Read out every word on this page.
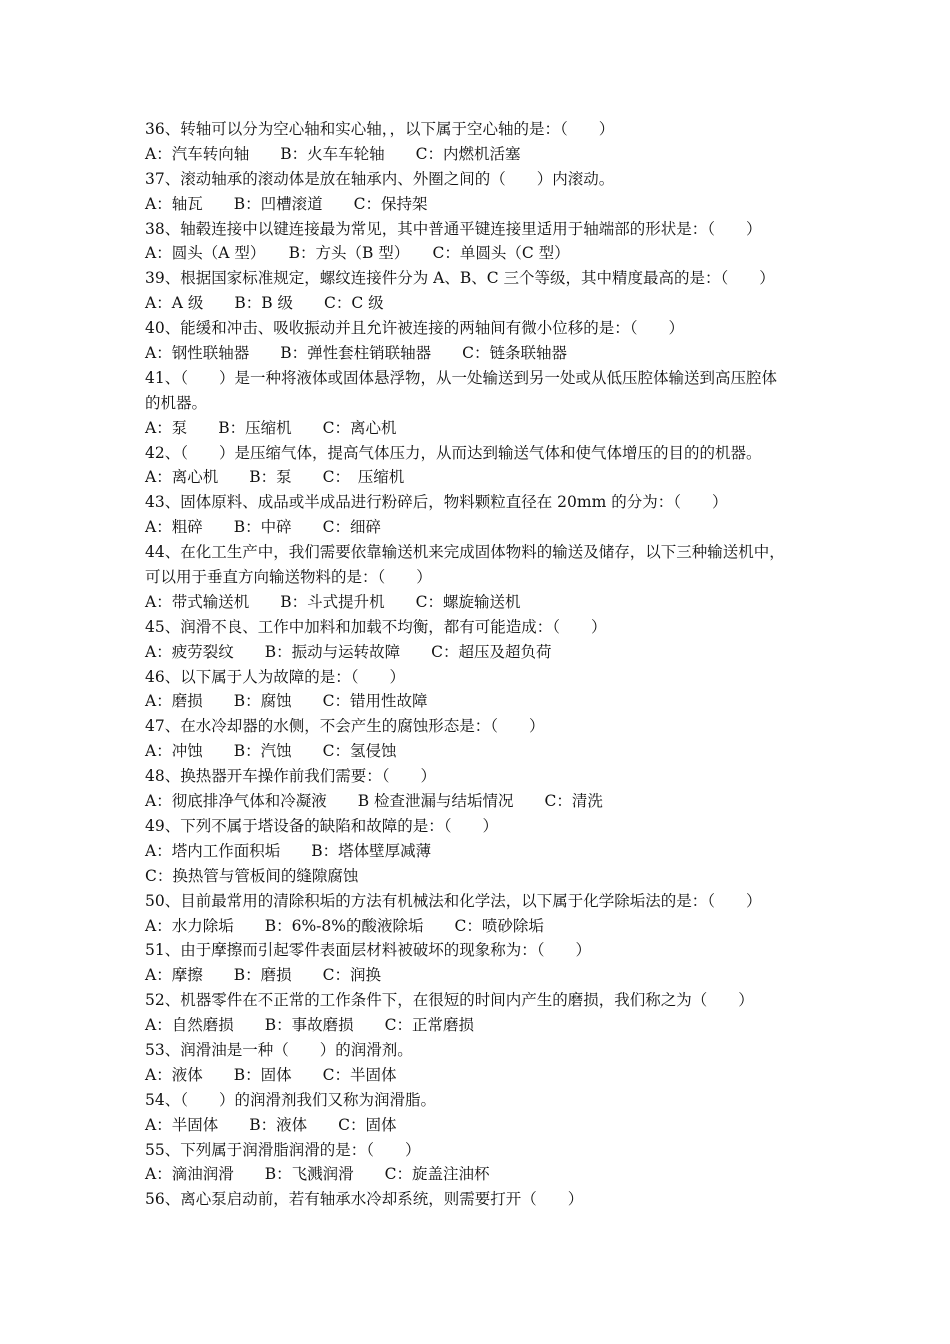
36、转轴可以分为空心轴和实心轴，，以下属于空心轴的是：（　　）
A：汽车转向轴　　B：火车车轮轴　　C：内燃机活塞
37、滚动轴承的滚动体是放在轴承内、外圈之间的（　　）内滚动。
A：轴瓦　　B：凹槽滚道　　C：保持架
38、轴毂连接中以键连接最为常见，其中普通平键连接里适用于轴端部的形状是：（　　）
A：圆头（A 型）　　B：方头（B 型）　　C：单圆头（C 型）
39、根据国家标准规定，螺纹连接件分为 A、B、C 三个等级，其中精度最高的是：（　　）
A：A 级　　B：B 级　　C：C 级
40、能缓和冲击、吸收振动并且允许被连接的两轴间有微小位移的是：（　　）
A：钢性联轴器　　B：弹性套柱销联轴器　　C：链条联轴器
41、（　　）是一种将液体或固体悬浮物，从一处输送到另一处或从低压腔体输送到高压腔体
的机器。
A：泵　　B：压缩机　　C：离心机
42、（　　）是压缩气体，提高气体压力，从而达到输送气体和使气体增压的目的的机器。
A：离心机　　B：泵　　C：　压缩机
43、固体原料、成品或半成品进行粉碎后，物料颗粒直径在 20mm 的分为：（　　）
A：粗碎　　B：中碎　　C：细碎
44、在化工生产中，我们需要依靠输送机来完成固体物料的输送及储存，以下三种输送机中，
可以用于垂直方向输送物料的是：（　　）
A：带式输送机　　B：斗式提升机　　C：螺旋输送机
45、润滑不良、工作中加料和加载不均衡，都有可能造成：（　　）
A：疲劳裂纹　　B：振动与运转故障　　C：超压及超负荷
46、以下属于人为故障的是：（　　）
A：磨损　　B：腐蚀　　C：错用性故障
47、在水冷却器的水侧，不会产生的腐蚀形态是：（　　）
A：冲蚀　　B：汽蚀　　C：氢侵蚀
48、换热器开车操作前我们需要：（　　）
A：彻底排净气体和冷凝液　　B 检查泄漏与结垢情况　　C：清洗
49、下列不属于塔设备的缺陷和故障的是：（　　）
A：塔内工作面积垢　　B：塔体壁厚减薄
C：换热管与管板间的缝隙腐蚀
50、目前最常用的清除积垢的方法有机械法和化学法，以下属于化学除垢法的是：（　　）
A：水力除垢　　B：6%-8%的酸液除垢　　C：喷砂除垢
51、由于摩擦而引起零件表面层材料被破坏的现象称为：（　　）
A：摩擦　　B：磨损　　C：润换
52、机器零件在不正常的工作条件下，在很短的时间内产生的磨损，我们称之为（　　）
A：自然磨损　　B：事故磨损　　C：正常磨损
53、润滑油是一种（　　）的润滑剂。
A：液体　　B：固体　　C：半固体
54、（　　）的润滑剂我们又称为润滑脂。
A：半固体　　B：液体　　C：固体
55、下列属于润滑脂润滑的是：（　　）
A：滴油润滑　　B：飞溅润滑　　C：旋盖注油杯
56、离心泵启动前，若有轴承水冷却系统，则需要打开（　　）
